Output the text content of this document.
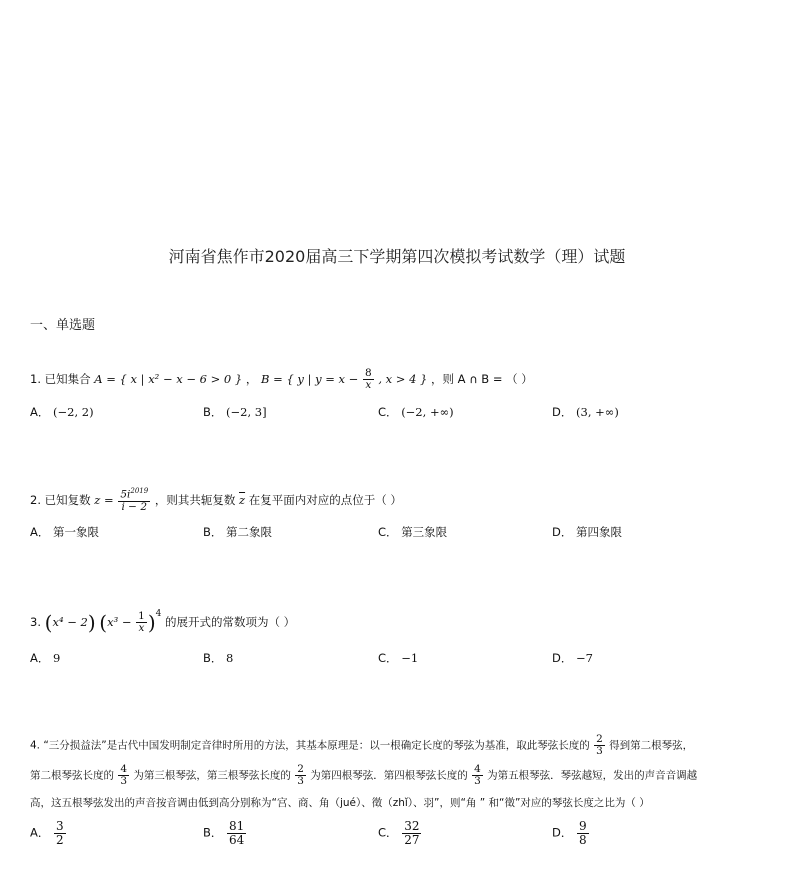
河南省焦作市2020届高三下学期第四次模拟考试数学（理）试题
一、单选题
1. 已知集合 A = { x | x² − x − 6 > 0 } ， B = { y | $y = x - \frac{8}{x}$ , x > 4 } ，则 A ∩ B = （ ）
A． (−2, 2)	B． (−2, 3]	C． (−2, +∞)	D． (3, +∞)
2. 已知复数 $z = \frac{5i^{2019}}{i - 2}$ ，则其共轭复数 $\overline{z}$ 在复平面内对应的点位于（ ）
A． 第一象限	B． 第二象限	C． 第三象限	D． 第四象限
3. (x⁴ − 2) $(x^3 - \frac{1}{x} )^4$ 的展开式的常数项为（ ）
A． 9	B． 8	C． −1	D． −7
4. “三分损益法”是古代中国发明制定音律时所用的方法，其基本原理是：以一根确定长度的琴弦为基准，取此琴弦长度的 $\frac{2}{3}$ 得到第二根琴弦，
第二根琴弦长度的 $\frac{4}{3}$ 为第三根琴弦，第三根琴弦长度的 $\frac{2}{3}$ 为第四根琴弦．第四根琴弦长度的 $\frac{4}{3}$ 为第五根琴弦．琴弦越短，发出的声音音调越
高，这五根琴弦发出的声音按音调由低到高分别称为“宫、商、角（jué）、徵（zhǐ）、羽”，则“角 ” 和“徵”对应的琴弦长度之比为（ ）
A． $\frac{3}{2}$	B． $\frac{81}{64}$	C． $\frac{32}{27}$	D． $\frac{9}{8}$
